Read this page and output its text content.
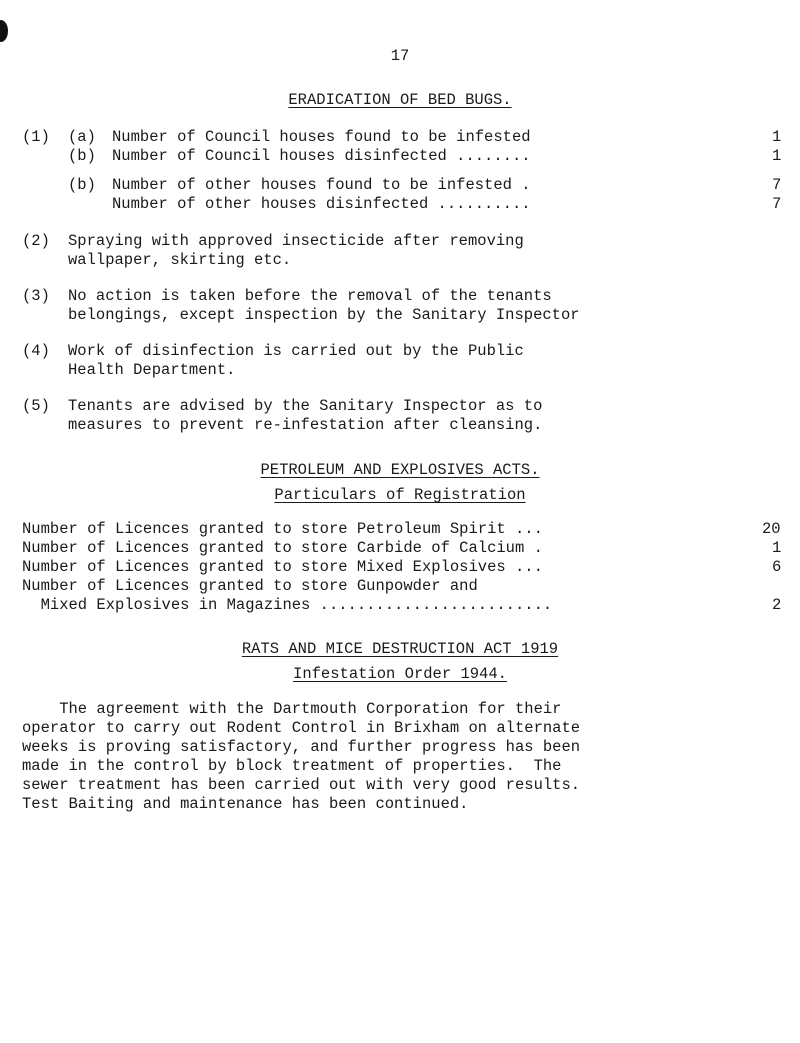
17
ERADICATION OF BED BUGS.
(1) (a) Number of Council houses found to be infested	1
(b) Number of Council houses disinfected ........	1
(b) Number of other houses found to be infested .	7
Number of other houses disinfected ..........	7
(2) Spraying with approved insecticide after removing
wallpaper, skirting etc.
(3) No action is taken before the removal of the tenants
belongings, except inspection by the Sanitary Inspector
(4) Work of disinfection is carried out by the Public
Health Department.
(5) Tenants are advised by the Sanitary Inspector as to
measures to prevent re-infestation after cleansing.
PETROLEUM AND EXPLOSIVES ACTS.
Particulars of Registration
Number of Licences granted to store Petroleum Spirit ...	20
Number of Licences granted to store Carbide of Calcium .	1
Number of Licences granted to store Mixed Explosives ...	6
Number of Licences granted to store Gunpowder and
Mixed Explosives in Magazines .........................	2
RATS AND MICE DESTRUCTION ACT 1919
Infestation Order 1944.
The agreement with the Dartmouth Corporation for their
operator to carry out Rodent Control in Brixham on alternate
weeks is proving satisfactory, and further progress has been
made in the control by block treatment of properties.  The
sewer treatment has been carried out with very good results.
Test Baiting and maintenance has been continued.
